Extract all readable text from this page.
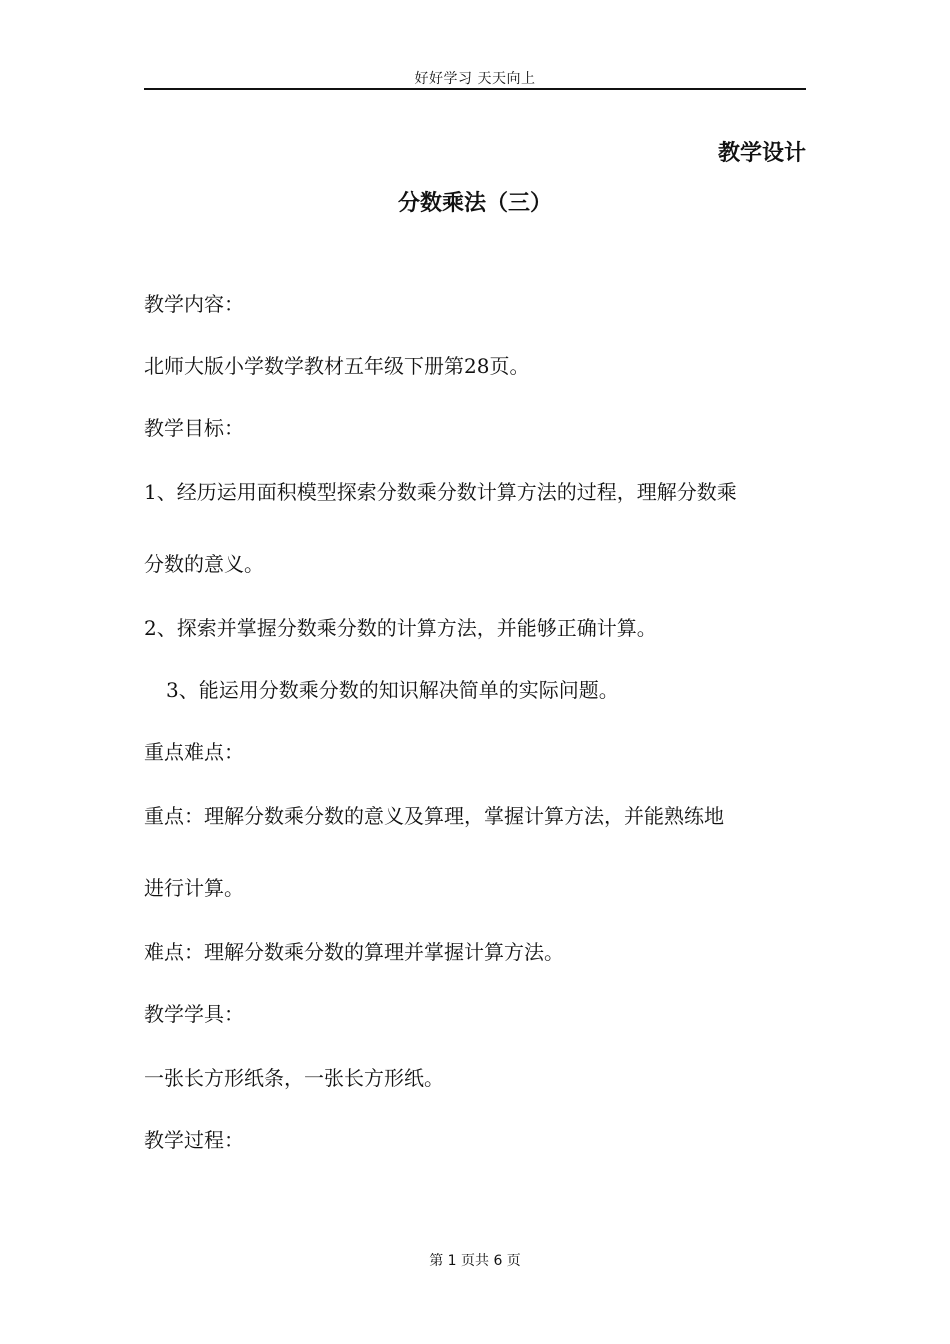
好好学习 天天向上
教学设计
分数乘法（三）
教学内容：
北师大版小学数学教材五年级下册第28页。
教学目标：
1、经历运用面积模型探索分数乘分数计算方法的过程，理解分数乘
分数的意义。
2、探索并掌握分数乘分数的计算方法，并能够正确计算。
3、能运用分数乘分数的知识解决简单的实际问题。
重点难点：
重点：理解分数乘分数的意义及算理，掌握计算方法，并能熟练地
进行计算。
难点：理解分数乘分数的算理并掌握计算方法。
教学学具：
一张长方形纸条，一张长方形纸。
教学过程：
第 1 页共 6 页
